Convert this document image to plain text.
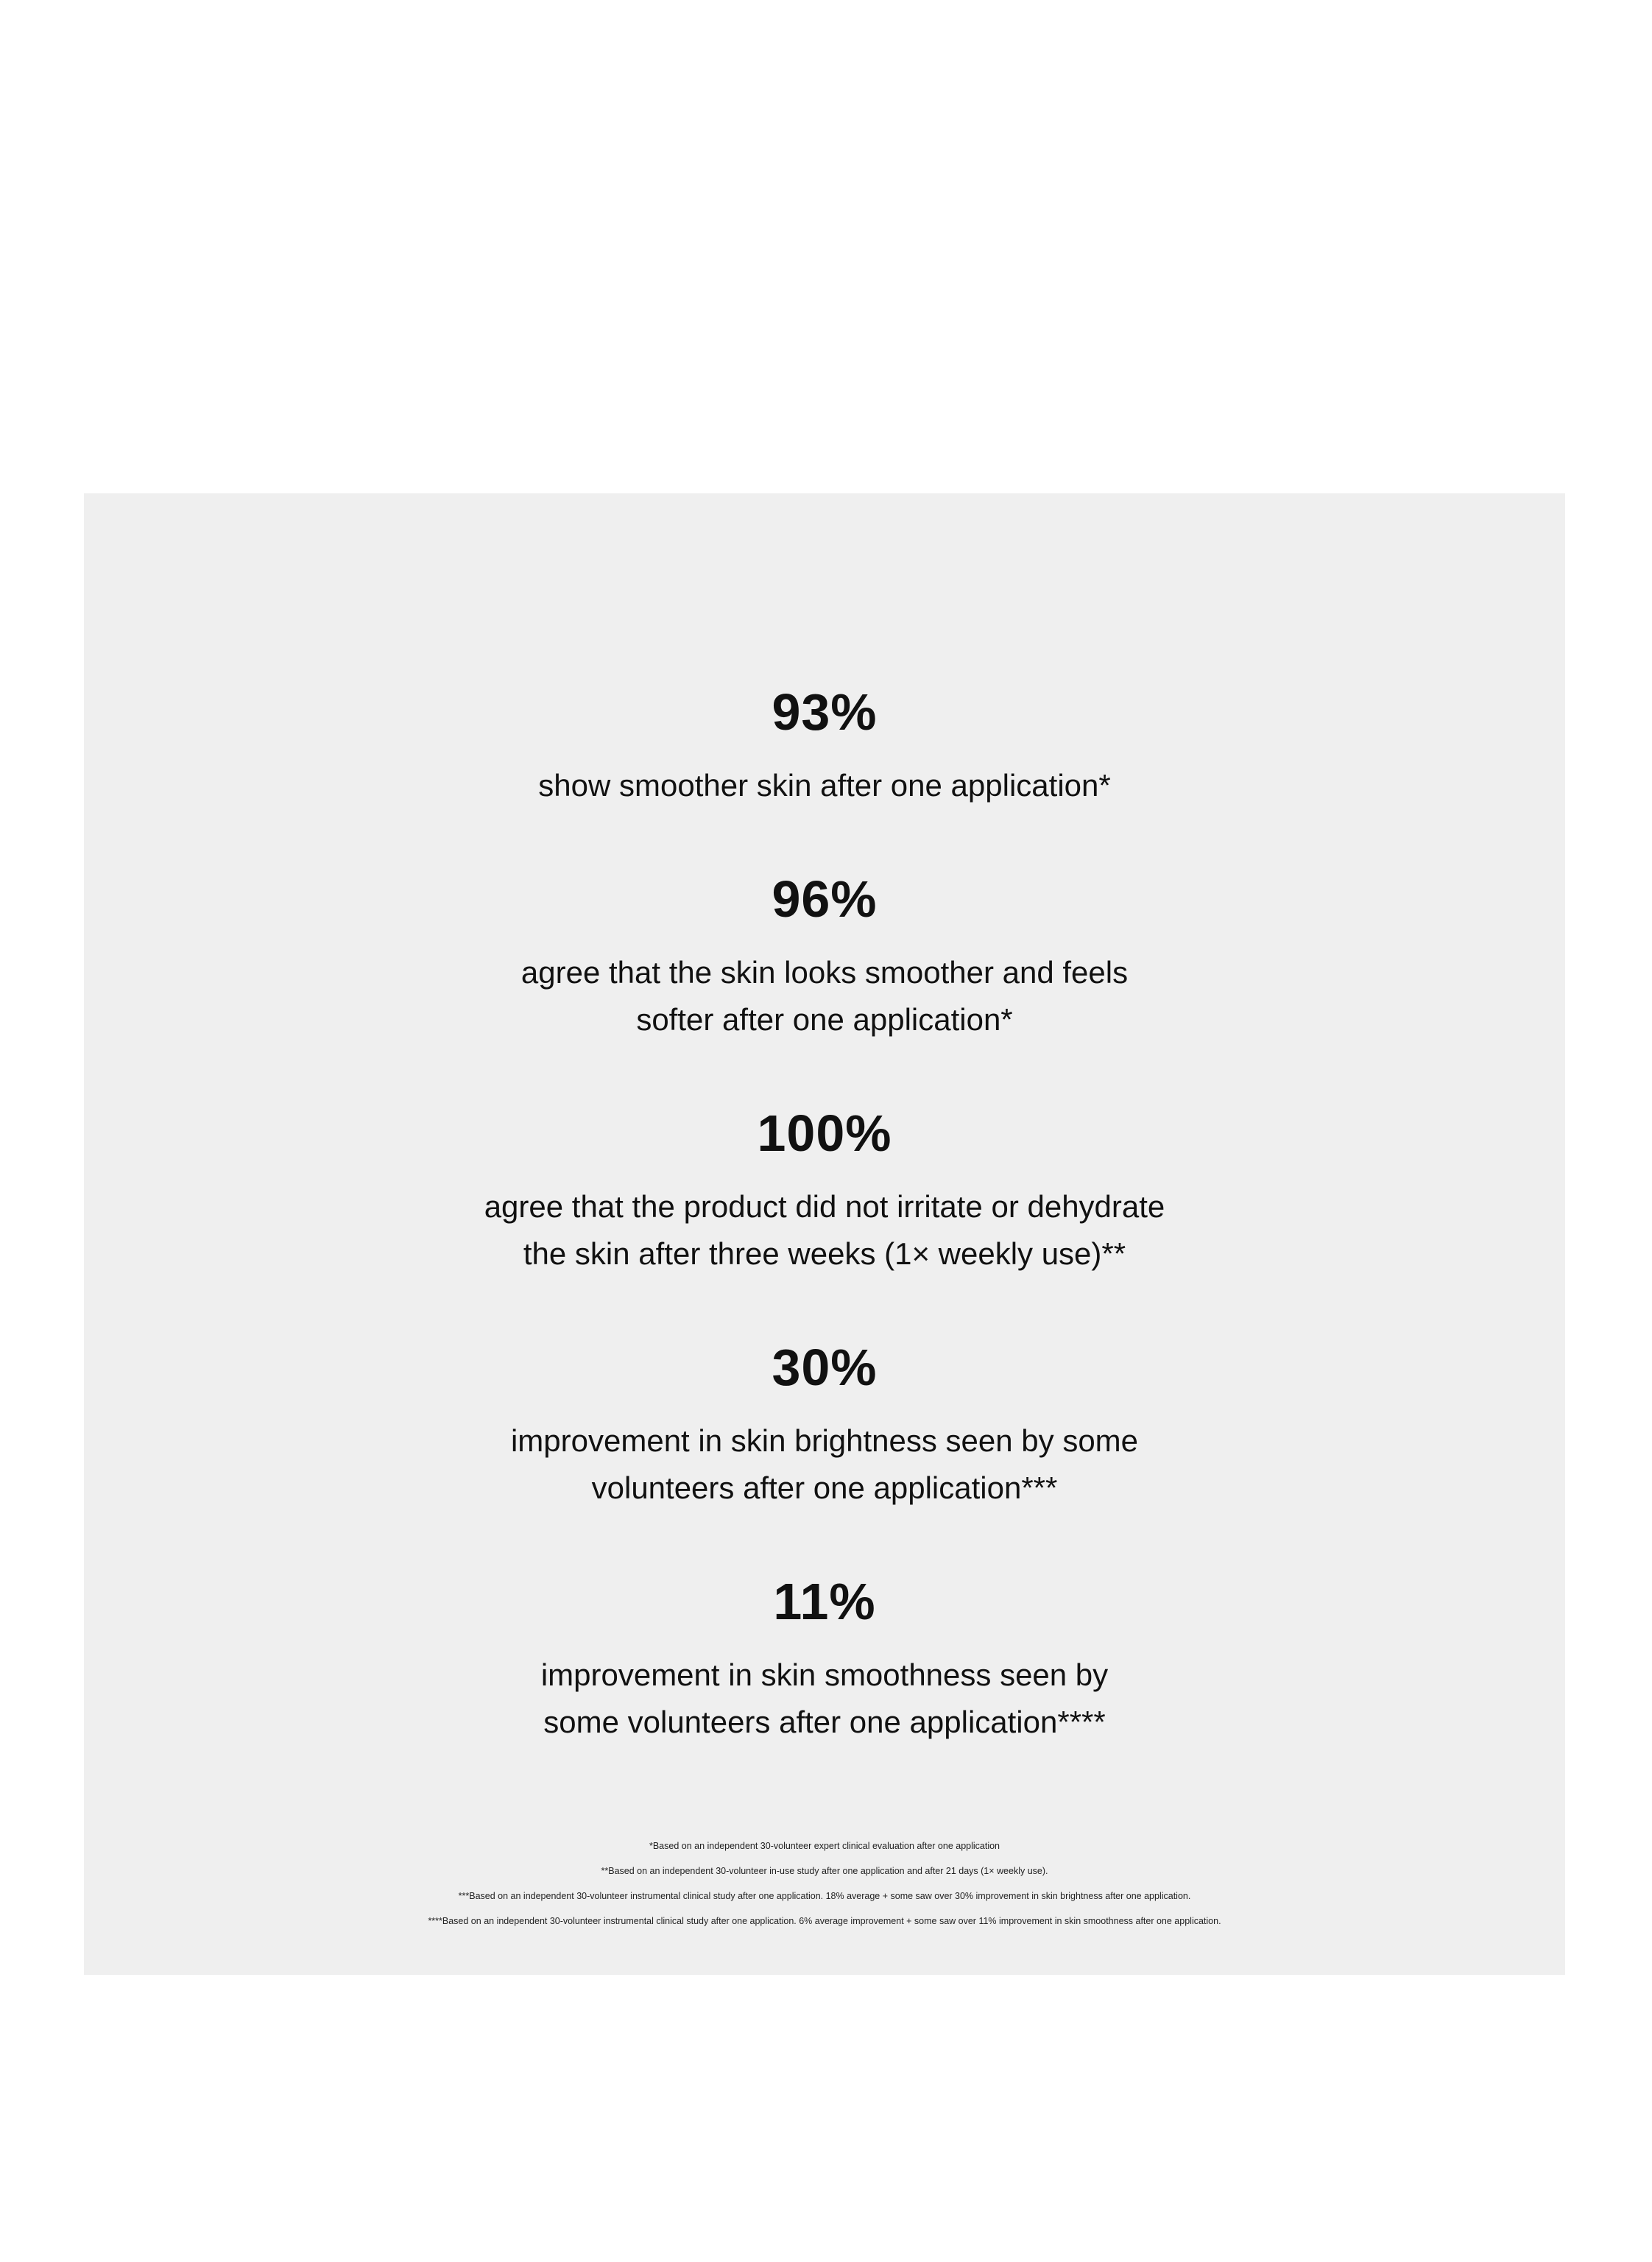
93%

show smoother skin after one application*

96%

agree that the skin looks smoother and feels
softer after one application*

100%

agree that the product did not irritate or dehydrate
the skin after three weeks (1× weekly use)**

30%

improvement in skin brightness seen by some
volunteers after one application***

11%

improvement in skin smoothness seen by
some volunteers after one application****

*Based on an independent 30-volunteer expert clinical evaluation after one application
**Based on an independent 30-volunteer in-use study after one application and after 21 days (1× weekly use).
***Based on an independent 30-volunteer instrumental clinical study after one application. 18% average + some saw over 30% improvement in skin brightness after one application.
****Based on an independent 30-volunteer instrumental clinical study after one application. 6% average improvement + some saw over 11% improvement in skin smoothness after one application.
